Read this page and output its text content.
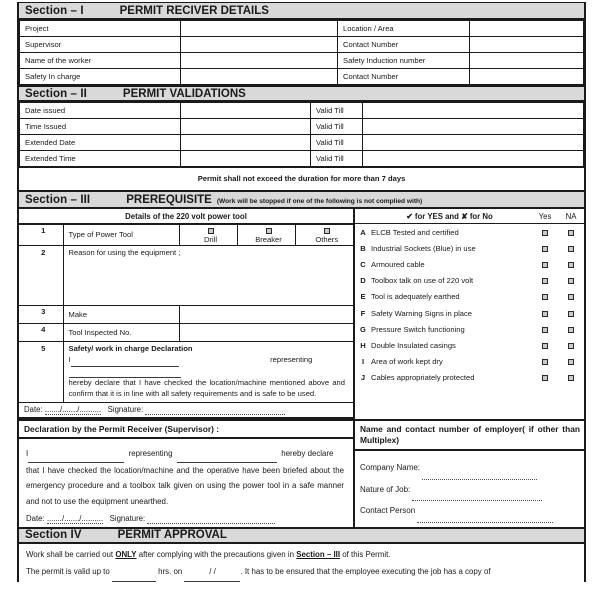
Section – I	PERMIT RECIVER DETAILS
Project		Location / Area	
Supervisor		Contact Number	
Name of the worker		Safety Induction number	
Safety In charge		Contact Number	
Section – II	PERMIT VALIDATIONS
Date issued		Valid Till	
Time Issued		Valid Till	
Extended Date		Valid Till	
Extended Time		Valid Till	
Permit shall not exceed the duration for more than 7 days
Section – III	PREREQUISITE (Work will be stopped if one of the following is not complied with)
Details of the 220 volt power tool
1	Type of Power Tool	Drill	Breaker	Others

2	Reason for using the equipment ;			
3	Make			
4	Tool Inspected No.			
5	Safety/ work in charge Declaration

I representing

hereby declare that I have checked the location/machine mentioned above and confirm that it is in line with all safety requirements and is safe to be used.			

Date: ......./......./.......... Signature:
✔ for YES and ✘ for No	Yes	NA
A	ELCB Tested and certified		
B	Industrial Sockets (Blue) in use		
C	Armoured cable		
D	Toolbox talk on use of 220 volt		
E	Tool is adequately earthed		
F	Safety Warning Signs in place		
G	Pressure Switch functioning		
H	Double Insulated casings		
I	Area of work kept dry		
J	Cables appropriately protected		
Declaration by the Permit Receiver (Supervisor) :

I	representing	hereby declare

that I have checked the location/machine and the operative have been briefed about the emergency procedure and a toolbox talk given on using the power tool in a safe manner and not to use the equipment unearthed.

Date: ......./......./.......... Signature:
Name and contact number of employer( if other than Multiplex)
Company Name:
Nature of Job:
Contact Person
Section IV	PERMIT APPROVAL

Work shall be carried out ONLY after complying with the precautions given in Section – III of this Permit.

The permit is valid up to	hrs. on	/ /	. It has to be ensured that the employee executing the job has a copy of
